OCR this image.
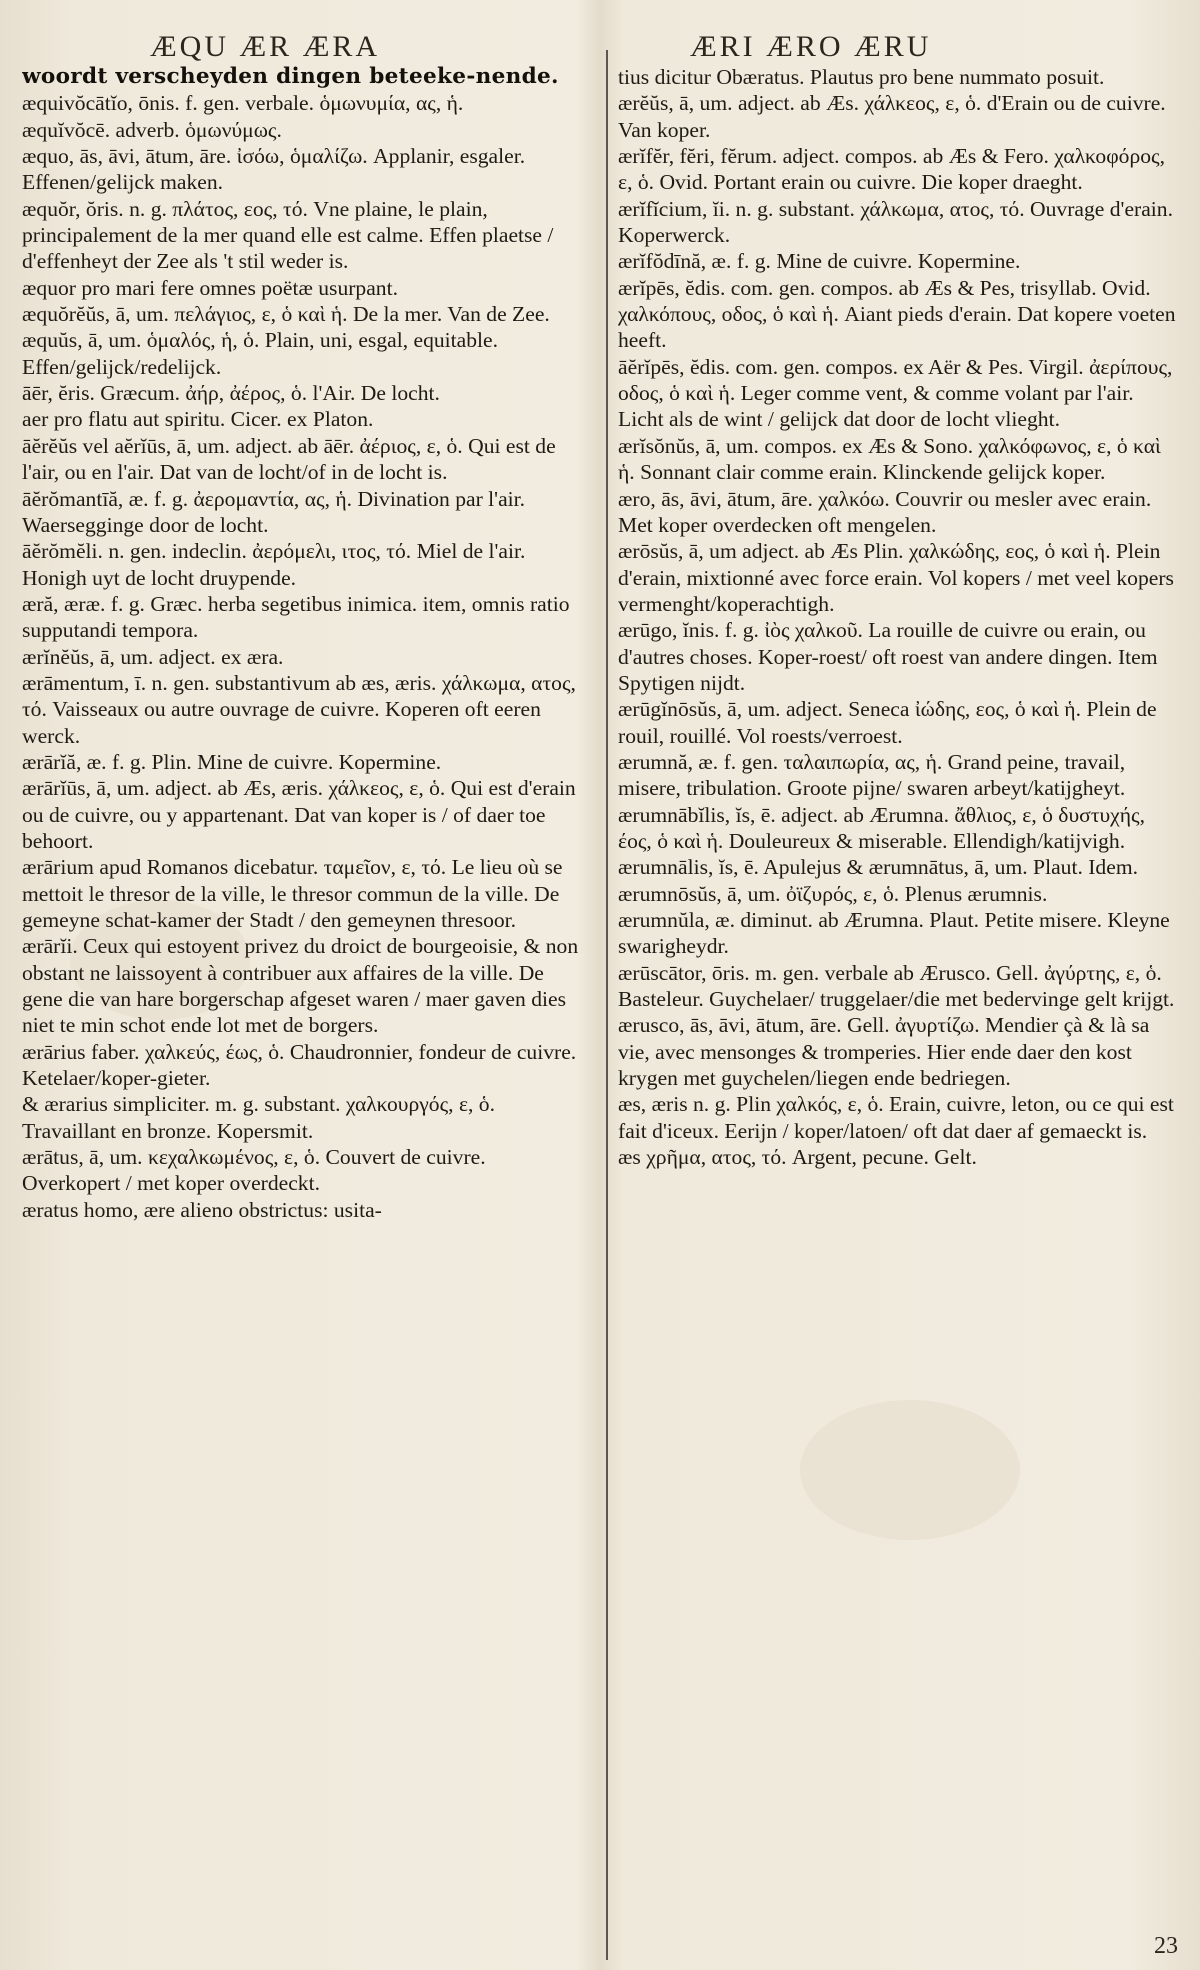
ÆQU ÆR ÆRA	ÆRI ÆRO ÆRU

woordt verscheyden dingen beteeke-nende.

æquivŏcātĭo, ōnis. f. gen. verbale. ὁμωνυμία, ας, ἡ.

æquĭvŏcē. adverb. ὁμωνύμως.

æquo, ās, āvi, ātum, āre. ἰσόω, ὁμαλίζω. Applanir, esgaler. Effenen/gelijck maken.

æquŏr, ŏris. n. g. πλάτος, εος, τό. Vne plaine, le plain, principalement de la mer quand elle est calme. Effen plaetse / d'effenheyt der Zee als 't stil weder is.

æquor pro mari fere omnes poëtæ usurpant.

æquŏrĕŭs, ā, um. πελάγιος, ε, ὁ καὶ ἡ. De la mer. Van de Zee.

æquŭs, ā, um. ὁμαλός, ἡ, ὁ. Plain, uni, esgal, equitable. Effen/gelijck/redelijck.

āēr, ĕris. Græcum. ἀήρ, ἀέρος, ὁ. l'Air. De locht.

aer pro flatu aut spiritu. Cicer. ex Platon.

āĕrĕŭs vel aĕrĭūs, ā, um. adject. ab āēr. ἀέριος, ε, ὁ. Qui est de l'air, ou en l'air. Dat van de locht/of in de locht is.

āĕrŏmantīă, æ. f. g. ἀερομαντία, ας, ἡ. Divination par l'air. Waersegginge door de locht.

āĕrŏmĕli. n. gen. indeclin. ἀερόμελι, ιτος, τό. Miel de l'air. Honigh uyt de locht druypende.

æră, æræ. f. g. Græc. herba segetibus inimica. item, omnis ratio supputandi tempora.

ærĭnĕŭs, ā, um. adject. ex æra.

ærāmentum, ī. n. gen. substantivum ab æs, æris. χάλκωμα, ατος, τό. Vaisseaux ou autre ouvrage de cuivre. Koperen oft eeren werck.

ærārĭă, æ. f. g. Plin. Mine de cuivre. Kopermine.

ærārĭūs, ā, um. adject. ab Æs, æris. χάλκεος, ε, ὁ. Qui est d'erain ou de cuivre, ou y appartenant. Dat van koper is / of daer toe behoort.

ærārium apud Romanos dicebatur. ταμεῖον, ε, τό. Le lieu où se mettoit le thresor de la ville, le thresor commun de la ville. De gemeyne schat-kamer der Stadt / den gemeynen thresoor.

ærārĭi. Ceux qui estoyent privez du droict de bourgeoisie, & non obstant ne laissoyent à contribuer aux affaires de la ville. De gene die van hare borgerschap afgeset waren / maer gaven dies niet te min schot ende lot met de borgers.

ærārius faber. χαλκεύς, έως, ὁ. Chaudronnier, fondeur de cuivre. Ketelaer/koper-gieter.

& ærarius simpliciter. m. g. substant. χαλκουργός, ε, ὁ. Travaillant en bronze. Kopersmit.

ærātus, ā, um. κεχαλκωμένος, ε, ὁ. Couvert de cuivre. Overkopert / met koper overdeckt.

æratus homo, ære alieno obstrictus: usita-

tius dicitur Obæratus. Plautus pro bene nummato posuit.

ærĕŭs, ā, um. adject. ab Æs. χάλκεος, ε, ὁ. d'Erain ou de cuivre. Van koper.

ærĭfĕr, fĕri, fĕrum. adject. compos. ab Æs & Fero. χαλκοφόρος, ε, ὁ. Ovid. Portant erain ou cuivre. Die koper draeght.

ærĭfĭcium, ĭi. n. g. substant. χάλκωμα, ατος, τό. Ouvrage d'erain. Koperwerck.

ærĭfŏdīnă, æ. f. g. Mine de cuivre. Kopermine.

ærĭpēs, ĕdis. com. gen. compos. ab Æs & Pes, trisyllab. Ovid. χαλκόπους, οδος, ὁ καὶ ἡ. Aiant pieds d'erain. Dat kopere voeten heeft.

āĕrĭpēs, ĕdis. com. gen. compos. ex Aër & Pes. Virgil. ἀερίπους, οδος, ὁ καὶ ἡ. Leger comme vent, & comme volant par l'air. Licht als de wint / gelijck dat door de locht vlieght.

ærĭsŏnŭs, ā, um. compos. ex Æs & Sono. χαλκόφωνος, ε, ὁ καὶ ἡ. Sonnant clair comme erain. Klinckende gelijck koper.

æro, ās, āvi, ātum, āre. χαλκόω. Couvrir ou mesler avec erain. Met koper overdecken oft mengelen.

ærōsŭs, ā, um adject. ab Æs Plin. χαλκώδης, εος, ὁ καὶ ἡ. Plein d'erain, mixtionné avec force erain. Vol kopers / met veel kopers vermenght/koperachtigh.

ærūgo, ĭnis. f. g. ἰὸς χαλκοῦ. La rouille de cuivre ou erain, ou d'autres choses. Koper-roest/ oft roest van andere dingen. Item Spytigen nijdt.

ærūgĭnōsŭs, ā, um. adject. Seneca ἰώδης, εος, ὁ καὶ ἡ. Plein de rouil, rouillé. Vol roests/verroest.

ærumnă, æ. f. gen. ταλαιπωρία, ας, ἡ. Grand peine, travail, misere, tribulation. Groote pijne/ swaren arbeyt/katijgheyt.

ærumnābĭlis, ĭs, ē. adject. ab Ærumna. ἄθλιος, ε, ὁ δυστυχής, έος, ὁ καὶ ἡ. Douleureux & miserable. Ellendigh/katijvigh.

ærumnālis, ĭs, ē. Apulejus & ærumnātus, ā, um. Plaut. Idem.

ærumnōsŭs, ā, um. ὀϊζυρός, ε, ὁ. Plenus ærumnis.

ærumnŭla, æ. diminut. ab Ærumna. Plaut. Petite misere. Kleyne swarigheydr.

ærūscātor, ōris. m. gen. verbale ab Ærusco. Gell. ἀγύρτης, ε, ὁ. Basteleur. Guychelaer/ truggelaer/die met bedervinge gelt krijgt.

ærusco, ās, āvi, ātum, āre. Gell. ἀγυρτίζω. Mendier çà & là sa vie, avec mensonges & tromperies. Hier ende daer den kost krygen met guychelen/liegen ende bedriegen.

æs, æris n. g. Plin χαλκός, ε, ὁ. Erain, cuivre, leton, ou ce qui est fait d'iceux. Eerijn / koper/latoen/ oft dat daer af gemaeckt is.

æs χρῆμα, ατος, τό. Argent, pecune. Gelt.

23
